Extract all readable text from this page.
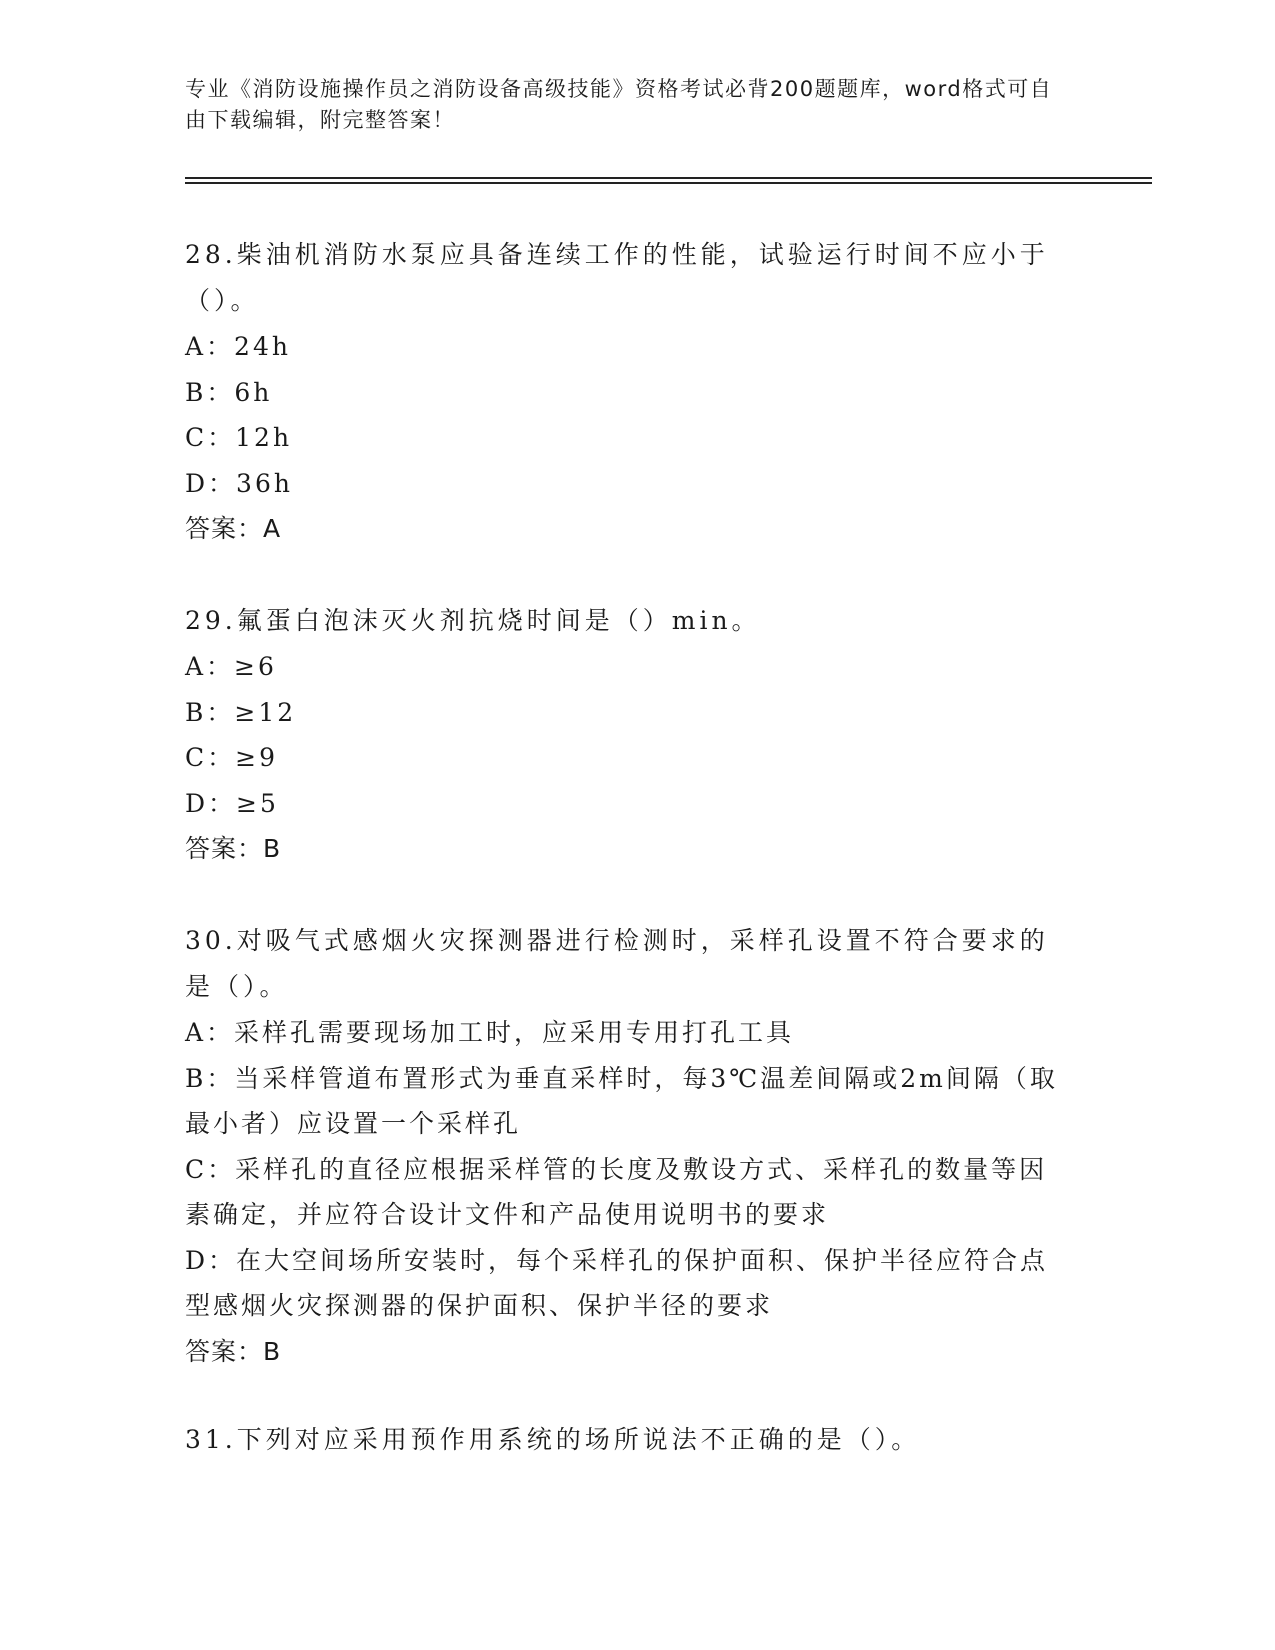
专业《消防设施操作员之消防设备高级技能》资格考试必背200题题库，word格式可自由下载编辑，附完整答案！

28.柴油机消防水泵应具备连续工作的性能，试验运行时间不应小于（）。

A：24h

B：6h

C：12h

D：36h

答案：A

29.氟蛋白泡沫灭火剂抗烧时间是（）min。

A：≥6

B：≥12

C：≥9

D：≥5

答案：B

30.对吸气式感烟火灾探测器进行检测时，采样孔设置不符合要求的是（）。

A：采样孔需要现场加工时，应采用专用打孔工具

B：当采样管道布置形式为垂直采样时，每3℃温差间隔或2m间隔（取最小者）应设置一个采样孔

C：采样孔的直径应根据采样管的长度及敷设方式、采样孔的数量等因素确定，并应符合设计文件和产品使用说明书的要求

D：在大空间场所安装时，每个采样孔的保护面积、保护半径应符合点型感烟火灾探测器的保护面积、保护半径的要求

答案：B

31.下列对应采用预作用系统的场所说法不正确的是（）。
